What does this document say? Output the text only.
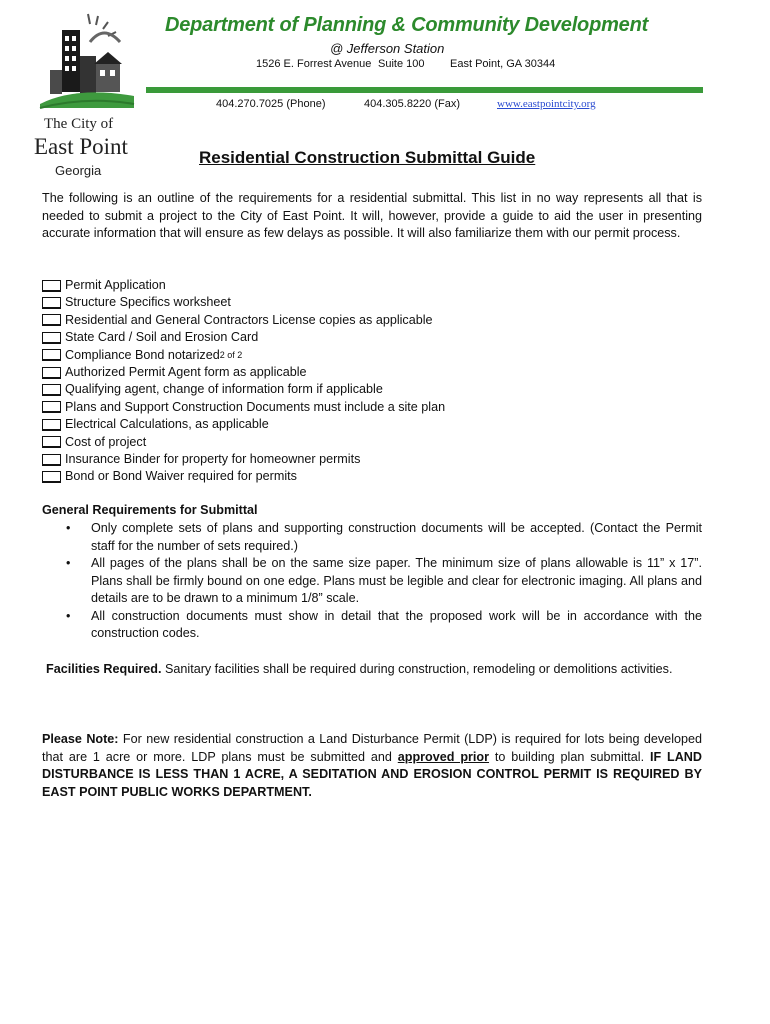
The City of
East Point
Georgia
Department of Planning & Community Development
@ Jefferson Station
1526 E. Forrest Avenue Suite 100 East Point, GA 30344
404.270.7025 (Phone)	404.305.8220 (Fax)	www.eastpointcity.org
Residential Construction Submittal Guide
The following is an outline of the requirements for a residential submittal. This list in no way represents all that is needed to submit a project to the City of East Point. It will, however, provide a guide to aid the user in presenting accurate information that will ensure as few delays as possible. It will also familiarize them with our permit process.
Permit Application
Structure Specifics worksheet
Residential and General Contractors License copies as applicable
State Card / Soil and Erosion Card
Compliance Bond notarized 2 of 2
Authorized Permit Agent form as applicable
Qualifying agent, change of information form if applicable
Plans and Support Construction Documents must include a site plan
Electrical Calculations, as applicable
Cost of project
Insurance Binder for property for homeowner permits
Bond or Bond Waiver required for permits
General Requirements for Submittal
• Only complete sets of plans and supporting construction documents will be accepted. (Contact the Permit staff for the number of sets required.)
• All pages of the plans shall be on the same size paper. The minimum size of plans allowable is 11” x 17”. Plans shall be firmly bound on one edge. Plans must be legible and clear for electronic imaging. All plans and details are to be drawn to a minimum 1/8” scale.
• All construction documents must show in detail that the proposed work will be in accordance with the construction codes.
Facilities Required. Sanitary facilities shall be required during construction, remodeling or demolitions activities.
Please Note: For new residential construction a Land Disturbance Permit (LDP) is required for lots being developed that are 1 acre or more. LDP plans must be submitted and approved prior to building plan submittal. IF LAND DISTURBANCE IS LESS THAN 1 ACRE, A SEDITATION AND EROSION CONTROL PERMIT IS REQUIRED BY EAST POINT PUBLIC WORKS DEPARTMENT.
